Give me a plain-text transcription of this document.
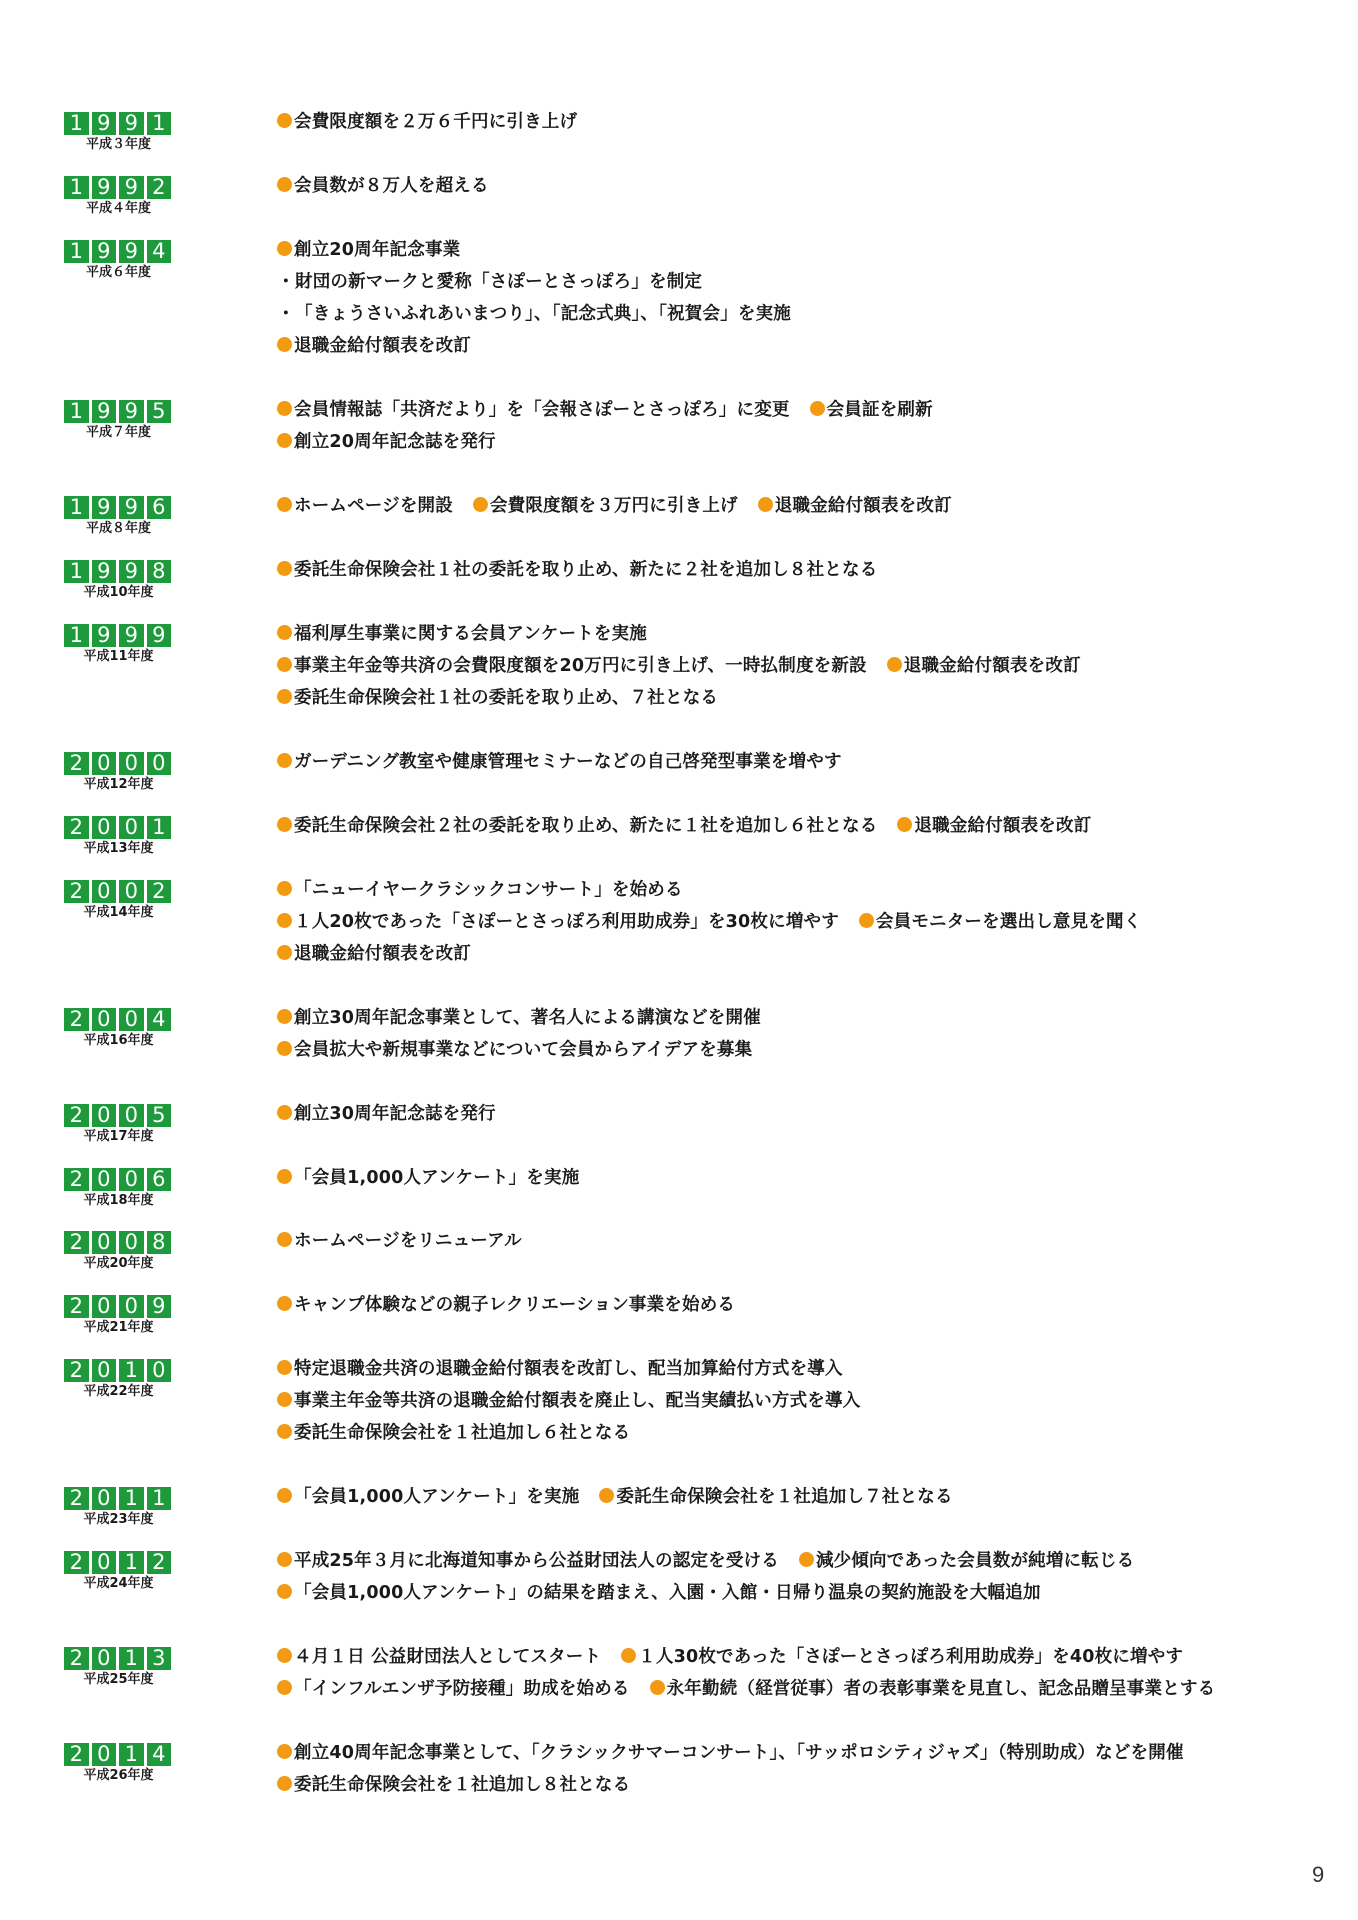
1 9 9 1
平成３年度
会費限度額を２万６千円に引き上げ
1 9 9 2
平成４年度
会員数が８万人を超える
1 9 9 4
平成６年度
創立20周年記念事業
・財団の新マークと愛称「さぽーとさっぽろ」を制定
・「きょうさいふれあいまつり」、「記念式典」、「祝賀会」を実施
退職金給付額表を改訂
1 9 9 5
平成７年度
会員情報誌「共済だより」を「会報さぽーとさっぽろ」に変更 会員証を刷新
創立20周年記念誌を発行
1 9 9 6
平成８年度
ホームページを開設 会費限度額を３万円に引き上げ 退職金給付額表を改訂
1 9 9 8
平成10年度
委託生命保険会社１社の委託を取り止め、新たに２社を追加し８社となる
1 9 9 9
平成11年度
福利厚生事業に関する会員アンケートを実施
事業主年金等共済の会費限度額を20万円に引き上げ、一時払制度を新設 退職金給付額表を改訂
委託生命保険会社１社の委託を取り止め、７社となる
2 0 0 0
平成12年度
ガーデニング教室や健康管理セミナーなどの自己啓発型事業を増やす
2 0 0 1
平成13年度
委託生命保険会社２社の委託を取り止め、新たに１社を追加し６社となる 退職金給付額表を改訂
2 0 0 2
平成14年度
「ニューイヤークラシックコンサート」を始める
１人20枚であった「さぽーとさっぽろ利用助成券」を30枚に増やす 会員モニターを選出し意見を聞く
退職金給付額表を改訂
2 0 0 4
平成16年度
創立30周年記念事業として、著名人による講演などを開催
会員拡大や新規事業などについて会員からアイデアを募集
2 0 0 5
平成17年度
創立30周年記念誌を発行
2 0 0 6
平成18年度
「会員1,000人アンケート」を実施
2 0 0 8
平成20年度
ホームページをリニューアル
2 0 0 9
平成21年度
キャンプ体験などの親子レクリエーション事業を始める
2 0 1 0
平成22年度
特定退職金共済の退職金給付額表を改訂し、配当加算給付方式を導入
事業主年金等共済の退職金給付額表を廃止し、配当実績払い方式を導入
委託生命保険会社を１社追加し６社となる
2 0 1 1
平成23年度
「会員1,000人アンケート」を実施 委託生命保険会社を１社追加し７社となる
2 0 1 2
平成24年度
平成25年３月に北海道知事から公益財団法人の認定を受ける 減少傾向であった会員数が純増に転じる
「会員1,000人アンケート」の結果を踏まえ、入園・入館・日帰り温泉の契約施設を大幅追加
2 0 1 3
平成25年度
４月１日 公益財団法人としてスタート １人30枚であった「さぽーとさっぽろ利用助成券」を40枚に増やす
「インフルエンザ予防接種」助成を始める 永年勤続（経営従事）者の表彰事業を見直し、記念品贈呈事業とする
2 0 1 4
平成26年度
創立40周年記念事業として、「クラシックサマーコンサート」、「サッポロシティジャズ」（特別助成）などを開催
委託生命保険会社を１社追加し８社となる
9
